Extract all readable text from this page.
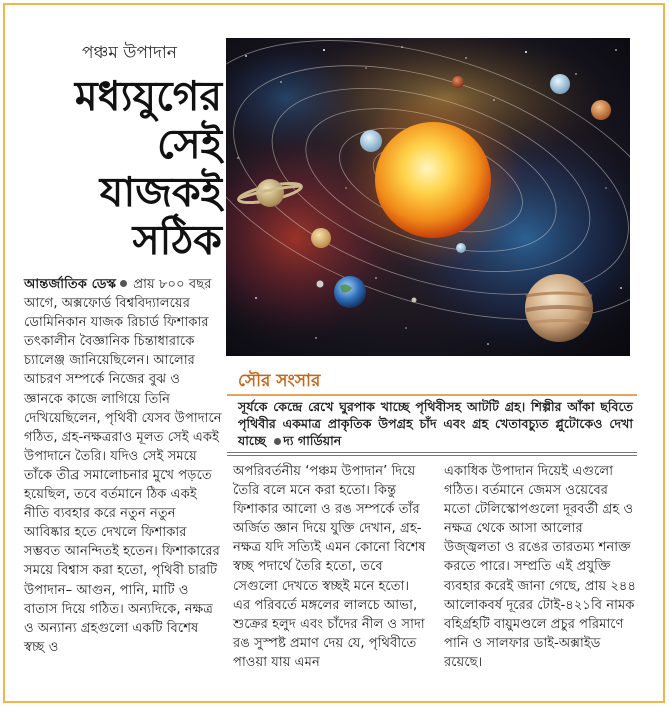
পঞ্চম উপাদান
মধ্যযুগের
সেই
যাজকই
সঠিক
আন্তর্জাতিক ডেস্ক প্রায় ৮০০ বছর আগে, অক্সফোর্ড বিশ্ববিদ্যালয়ের ডোমিনিকান যাজক রিচার্ড ফিশাকার তৎকালীন বৈজ্ঞানিক চিন্তাধারাকে চ্যালেঞ্জ জানিয়েছিলেন। আলোর আচরণ সম্পর্কে নিজের বুঝ ও জ্ঞানকে কাজে লাগিয়ে তিনি দেখিয়েছিলেন, পৃথিবী যেসব উপাদানে গঠিত, গ্রহ-নক্ষত্ররাও মূলত সেই একই উপাদানে তৈরি। যদিও সেই সময়ে তাঁকে তীব্র সমালোচনার মুখে পড়তে হয়েছিল, তবে বর্তমানে ঠিক একই নীতি ব্যবহার করে নতুন নতুন আবিষ্কার হতে দেখলে ফিশাকার সম্ভবত আনন্দিতই হতেন। ফিশাকারের সময়ে বিশ্বাস করা হতো, পৃথিবী চারটি উপাদান– আগুন, পানি, মাটি ও বাতাস দিয়ে গঠিত। অন্যদিকে, নক্ষত্র ও অন্যান্য গ্রহগুলো একটি বিশেষ স্বচ্ছ ও
সৌর সংসার
সূর্যকে কেন্দ্রে রেখে ঘুরপাক খাচ্ছে পৃথিবীসহ আটটি গ্রহ। শিল্পীর আঁকা ছবিতে পৃথিবীর একমাত্র প্রাকৃতিক উপগ্রহ চাঁদ এবং গ্রহ খেতাবচ্যুত প্লুটোকেও দেখা যাচ্ছে দ্য গার্ডিয়ান
অপরিবর্তনীয় ‘পঞ্চম উপাদান’ দিয়ে তৈরি বলে মনে করা হতো। কিন্তু ফিশাকার আলো ও রঙ সম্পর্কে তাঁর অর্জিত জ্ঞান দিয়ে যুক্তি দেখান, গ্রহ-নক্ষত্র যদি সত্যিই এমন কোনো বিশেষ স্বচ্ছ পদার্থে তৈরি হতো, তবে সেগুলো দেখতে স্বচ্ছই মনে হতো। এর পরিবর্তে মঙ্গলের লালচে আভা, শুক্রের হলুদ এবং চাঁদের নীল ও সাদা রঙ সুস্পষ্ট প্রমাণ দেয় যে, পৃথিবীতে পাওয়া যায় এমন
একাধিক উপাদান দিয়েই এগুলো গঠিত। বর্তমানে জেমস ওয়েবের মতো টেলিস্কোপগুলো দূরবর্তী গ্রহ ও নক্ষত্র থেকে আসা আলোর উজ্জ্বলতা ও রঙের তারতম্য শনাক্ত করতে পারে। সম্প্রতি এই প্রযুক্তি ব্যবহার করেই জানা গেছে, প্রায় ২৪৪ আলোকবর্ষ দূরের টোই-৪২১বি নামক বহির্গ্রহটি বায়ুমণ্ডলে প্রচুর পরিমাণে পানি ও সালফার ডাই-অক্সাইড রয়েছে।
